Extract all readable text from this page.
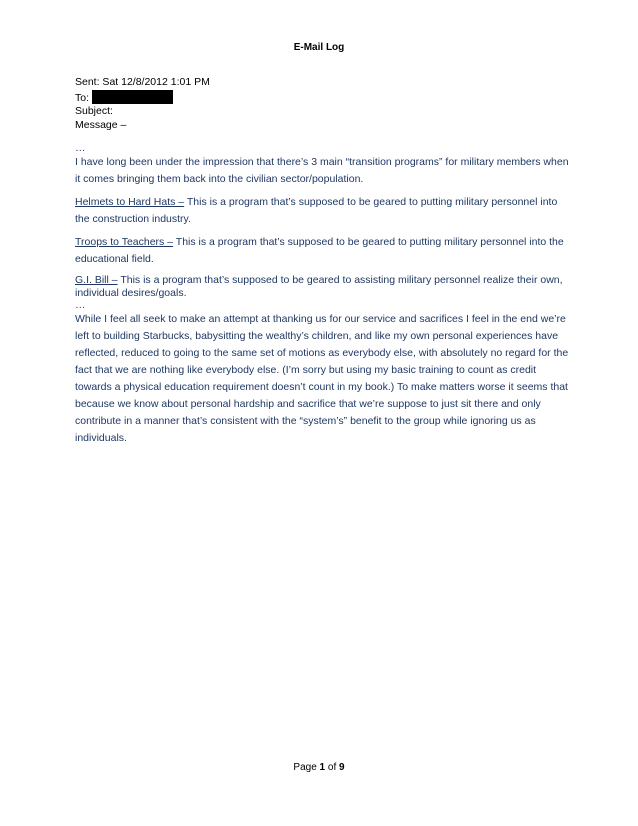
E-Mail Log
Sent: Sat 12/8/2012 1:01 PM
To:
Subject:
Message –
…

I have long been under the impression that there’s 3 main “transition programs” for military members when it comes bringing them back into the civilian sector/population.

Helmets to Hard Hats – This is a program that’s supposed to be geared to putting military personnel into the construction industry.

Troops to Teachers – This is a program that’s supposed to be geared to putting military personnel into the educational field.

G.I. Bill – This is a program that’s supposed to be geared to assisting military personnel realize their own, individual desires/goals.

…

While I feel all seek to make an attempt at thanking us for our service and sacrifices I feel in the end we’re left to building Starbucks, babysitting the wealthy’s children, and like my own personal experiences have reflected, reduced to going to the same set of motions as everybody else, with absolutely no regard for the fact that we are nothing like everybody else. (I’m sorry but using my basic training to count as credit towards a physical education requirement doesn’t count in my book.) To make matters worse it seems that because we know about personal hardship and sacrifice that we’re suppose to just sit there and only contribute in a manner that’s consistent with the “system’s” benefit to the group while ignoring us as individuals.

Page 1 of 9
